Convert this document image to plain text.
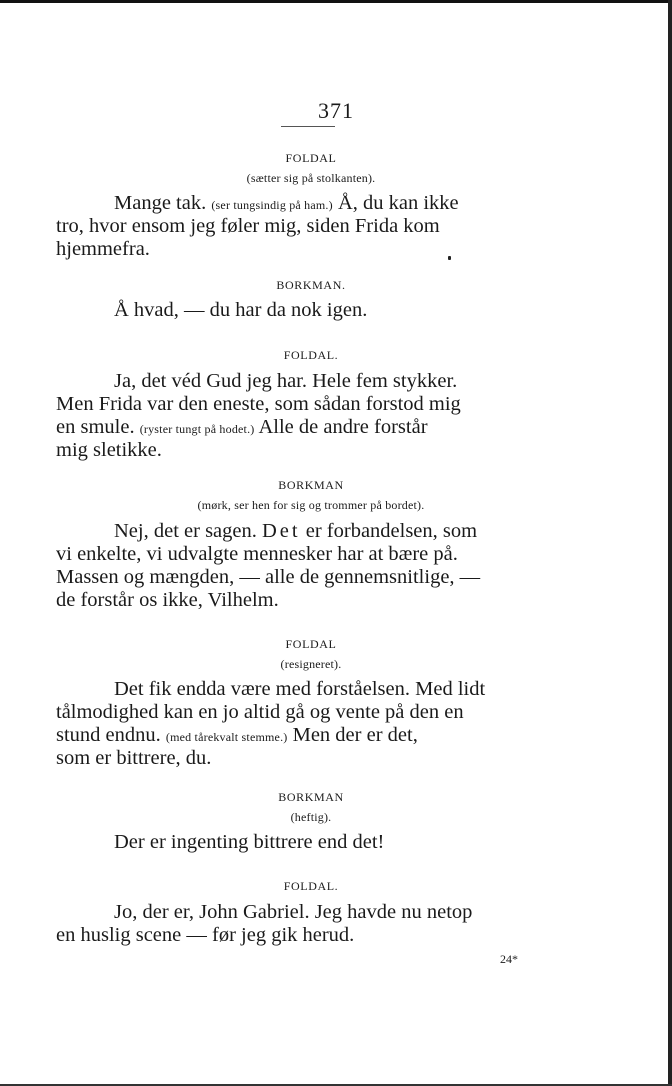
371
FOLDAL
(sætter sig på stolkanten).
Mange tak. (ser tungsindig på ham.) Å, du kan ikke
tro, hvor ensom jeg føler mig, siden Frida kom
hjemmefra.
BORKMAN.
Å hvad, — du har da nok igen.
FOLDAL.
Ja, det véd Gud jeg har. Hele fem stykker.
Men Frida var den eneste, som sådan forstod mig
en smule. (ryster tungt på hodet.) Alle de andre forstår
mig sletikke.
BORKMAN
(mørk, ser hen for sig og trommer på bordet).
Nej, det er sagen. Det er forbandelsen, som
vi enkelte, vi udvalgte mennesker har at bære på.
Massen og mængden, — alle de gennemsnitlige, —
de forstår os ikke, Vilhelm.
FOLDAL
(resigneret).
Det fik endda være med forståelsen. Med lidt
tålmodighed kan en jo altid gå og vente på den en
stund endnu. (med tårekvalt stemme.) Men der er det,
som er bittrere, du.
BORKMAN
(heftig).
Der er ingenting bittrere end det!
FOLDAL.
Jo, der er, John Gabriel. Jeg havde nu netop
en huslig scene — før jeg gik herud.
24*
